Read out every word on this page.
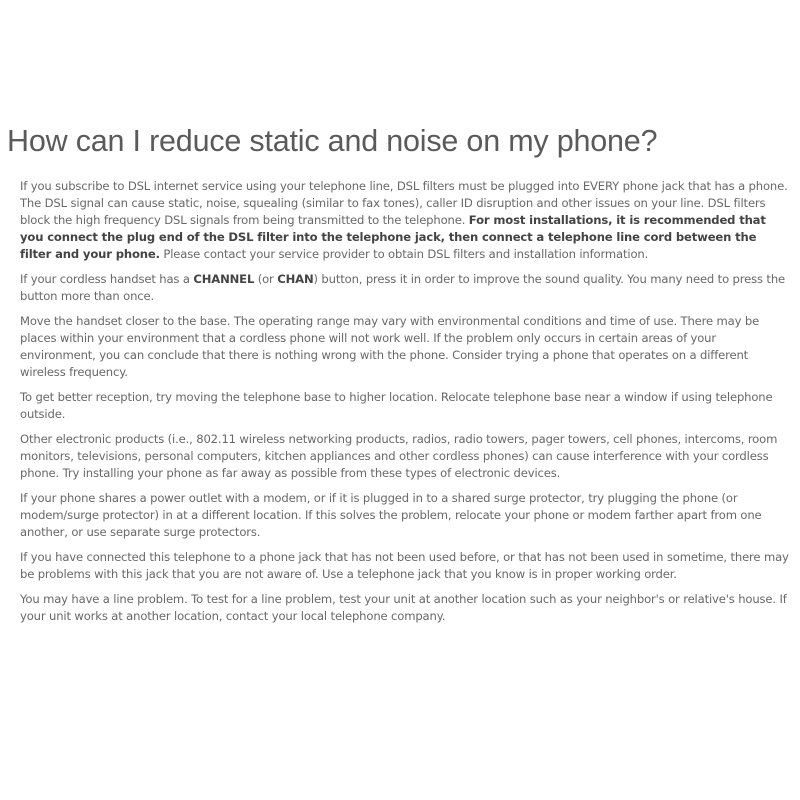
How can I reduce static and noise on my phone?

If you subscribe to DSL internet service using your telephone line, DSL filters must be plugged into EVERY phone jack that has a phone. The DSL signal can cause static, noise, squealing (similar to fax tones), caller ID disruption and other issues on your line. DSL filters block the high frequency DSL signals from being transmitted to the telephone. For most installations, it is recommended that you connect the plug end of the DSL filter into the telephone jack, then connect a telephone line cord between the filter and your phone. Please contact your service provider to obtain DSL filters and installation information.

If your cordless handset has a CHANNEL (or CHAN) button, press it in order to improve the sound quality. You many need to press the button more than once.

Move the handset closer to the base. The operating range may vary with environmental conditions and time of use. There may be places within your environment that a cordless phone will not work well. If the problem only occurs in certain areas of your environment, you can conclude that there is nothing wrong with the phone. Consider trying a phone that operates on a different wireless frequency.

To get better reception, try moving the telephone base to higher location. Relocate telephone base near a window if using telephone outside.

Other electronic products (i.e., 802.11 wireless networking products, radios, radio towers, pager towers, cell phones, intercoms, room monitors, televisions, personal computers, kitchen appliances and other cordless phones) can cause interference with your cordless phone. Try installing your phone as far away as possible from these types of electronic devices.

If your phone shares a power outlet with a modem, or if it is plugged in to a shared surge protector, try plugging the phone (or modem/surge protector) in at a different location. If this solves the problem, relocate your phone or modem farther apart from one another, or use separate surge protectors.

If you have connected this telephone to a phone jack that has not been used before, or that has not been used in sometime, there may be problems with this jack that you are not aware of. Use a telephone jack that you know is in proper working order.

You may have a line problem. To test for a line problem, test your unit at another location such as your neighbor's or relative's house. If your unit works at another location, contact your local telephone company.
